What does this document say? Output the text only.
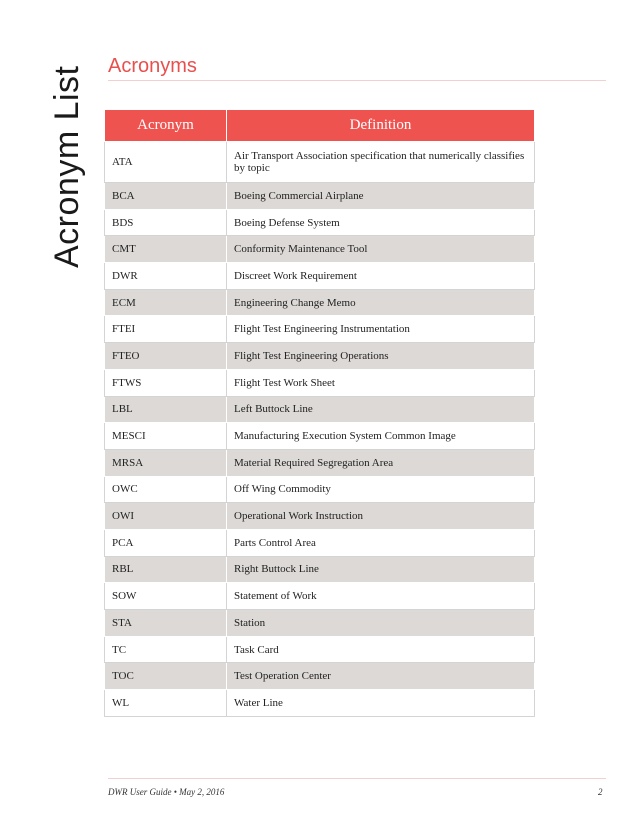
Acronym List Acronyms
Acronym	Definition
ATA	Air Transport Association specification that numerically classifies by topic
BCA	Boeing Commercial Airplane
BDS	Boeing Defense System
CMT	Conformity Maintenance Tool
DWR	Discreet Work Requirement
ECM	Engineering Change Memo
FTEI	Flight Test Engineering Instrumentation
FTEO	Flight Test Engineering Operations
FTWS	Flight Test Work Sheet
LBL	Left Buttock Line
MESCI	Manufacturing Execution System Common Image
MRSA	Material Required Segregation Area
OWC	Off Wing Commodity
OWI	Operational Work Instruction
PCA	Parts Control Area
RBL	Right Buttock Line
SOW	Statement of Work
STA	Station
TC	Task Card
TOC	Test Operation Center
WL	Water Line
DWR User Guide • May 2, 2016	2
